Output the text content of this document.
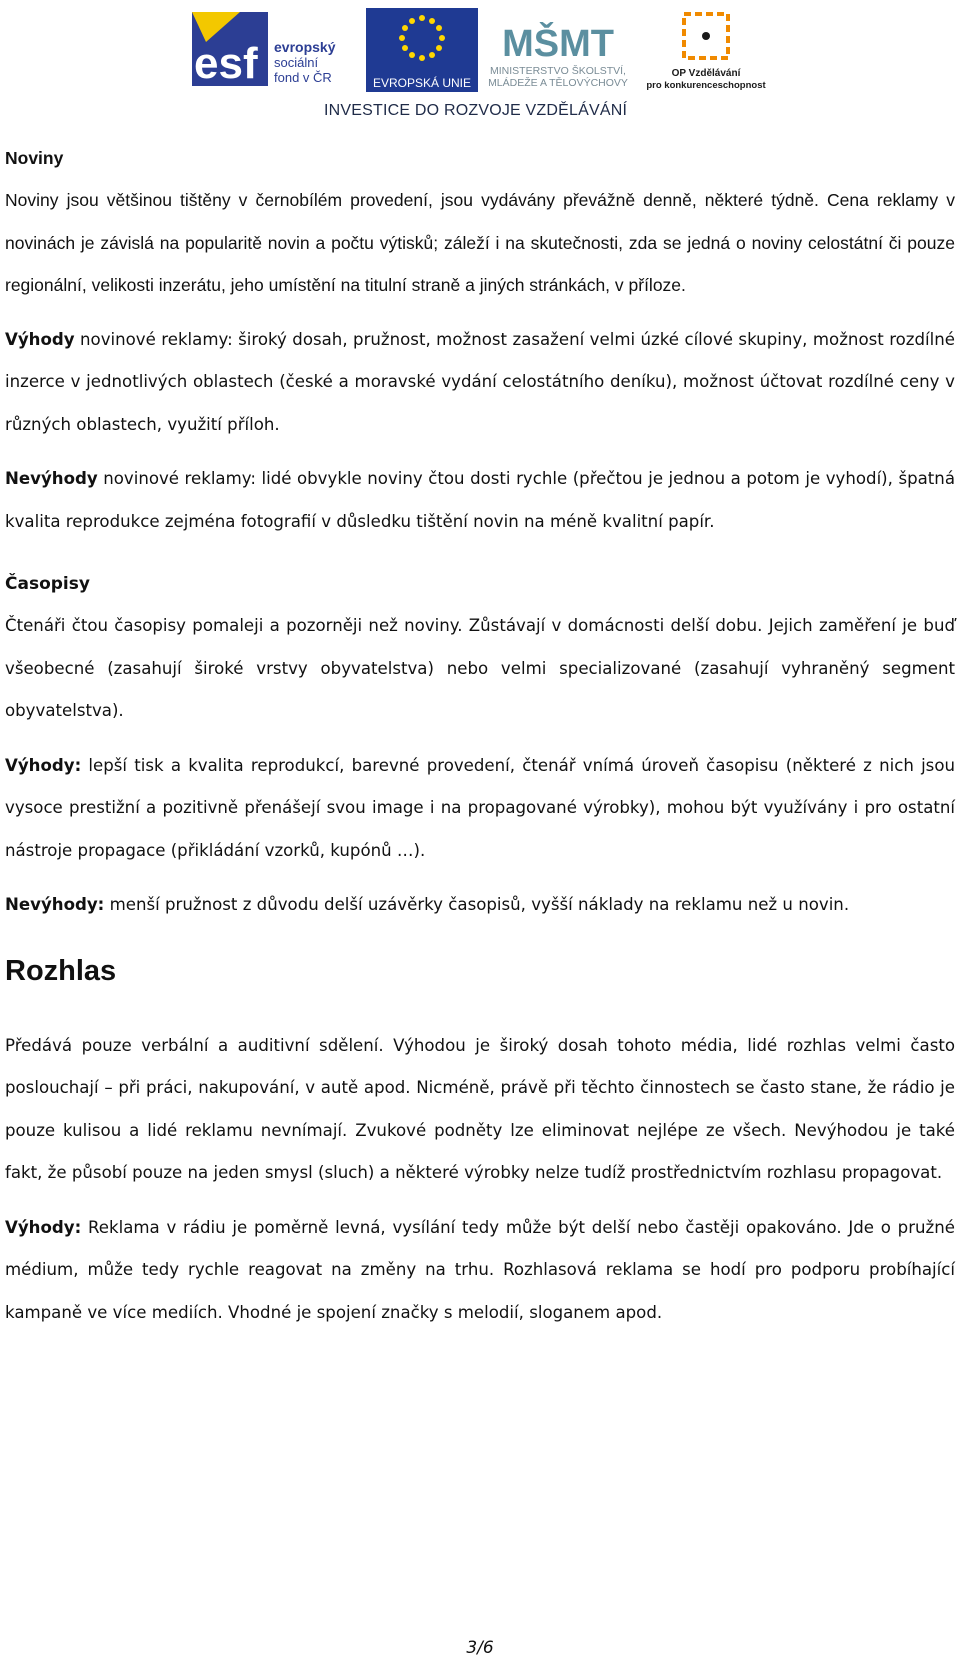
esf evropský
sociální
fond v ČR	EVROPSKÁ UNIE
MŠMT
MINISTERSTVO ŠKOLSTVÍ,
MLÁDEŽE A TĚLOVÝCHOVY
OP Vzdělávání
pro konkurenceschopnost
INVESTICE DO ROZVOJE VZDĚLÁVÁNÍ
Noviny

Noviny jsou většinou tištěny v černobílém provedení, jsou vydávány převážně denně, některé týdně. Cena reklamy v novinách je závislá na popularitě novin a počtu výtisků; záleží i na skutečnosti, zda se jedná o noviny celostátní či pouze regionální, velikosti inzerátu, jeho umístění na titulní straně a jiných stránkách, v příloze.

Výhody novinové reklamy: široký dosah, pružnost, možnost zasažení velmi úzké cílové skupiny, možnost rozdílné inzerce v jednotlivých oblastech (české a moravské vydání celostátního deníku), možnost účtovat rozdílné ceny v různých oblastech, využití příloh.

Nevýhody novinové reklamy: lidé obvykle noviny čtou dosti rychle (přečtou je jednou a potom je vyhodí), špatná kvalita reprodukce zejména fotografií v důsledku tištění novin na méně kvalitní papír.

Časopisy

Čtenáři čtou časopisy pomaleji a pozorněji než noviny. Zůstávají v domácnosti delší dobu. Jejich zaměření je buď všeobecné (zasahují široké vrstvy obyvatelstva) nebo velmi specializované (zasahují vyhraněný segment obyvatelstva).

Výhody: lepší tisk a kvalita reprodukcí, barevné provedení, čtenář vnímá úroveň časopisu (některé z nich jsou vysoce prestižní a pozitivně přenášejí svou image i na propagované výrobky), mohou být využívány i pro ostatní nástroje propagace (přikládání vzorků, kupónů …).

Nevýhody: menší pružnost z důvodu delší uzávěrky časopisů, vyšší náklady na reklamu než u novin.

Rozhlas

Předává pouze verbální a auditivní sdělení. Výhodou je široký dosah tohoto média, lidé rozhlas velmi často poslouchají – při práci, nakupování, v autě apod. Nicméně, právě při těchto činnostech se často stane, že rádio je pouze kulisou a lidé reklamu nevnímají. Zvukové podněty lze eliminovat nejlépe ze všech. Nevýhodou je také fakt, že působí pouze na jeden smysl (sluch) a některé výrobky nelze tudíž prostřednictvím rozhlasu propagovat.

Výhody: Reklama v rádiu je poměrně levná, vysílání tedy může být delší nebo častěji opakováno. Jde o pružné médium, může tedy rychle reagovat na změny na trhu. Rozhlasová reklama se hodí pro podporu probíhající kampaně ve více mediích. Vhodné je spojení značky s melodií, sloganem apod.

3/6
